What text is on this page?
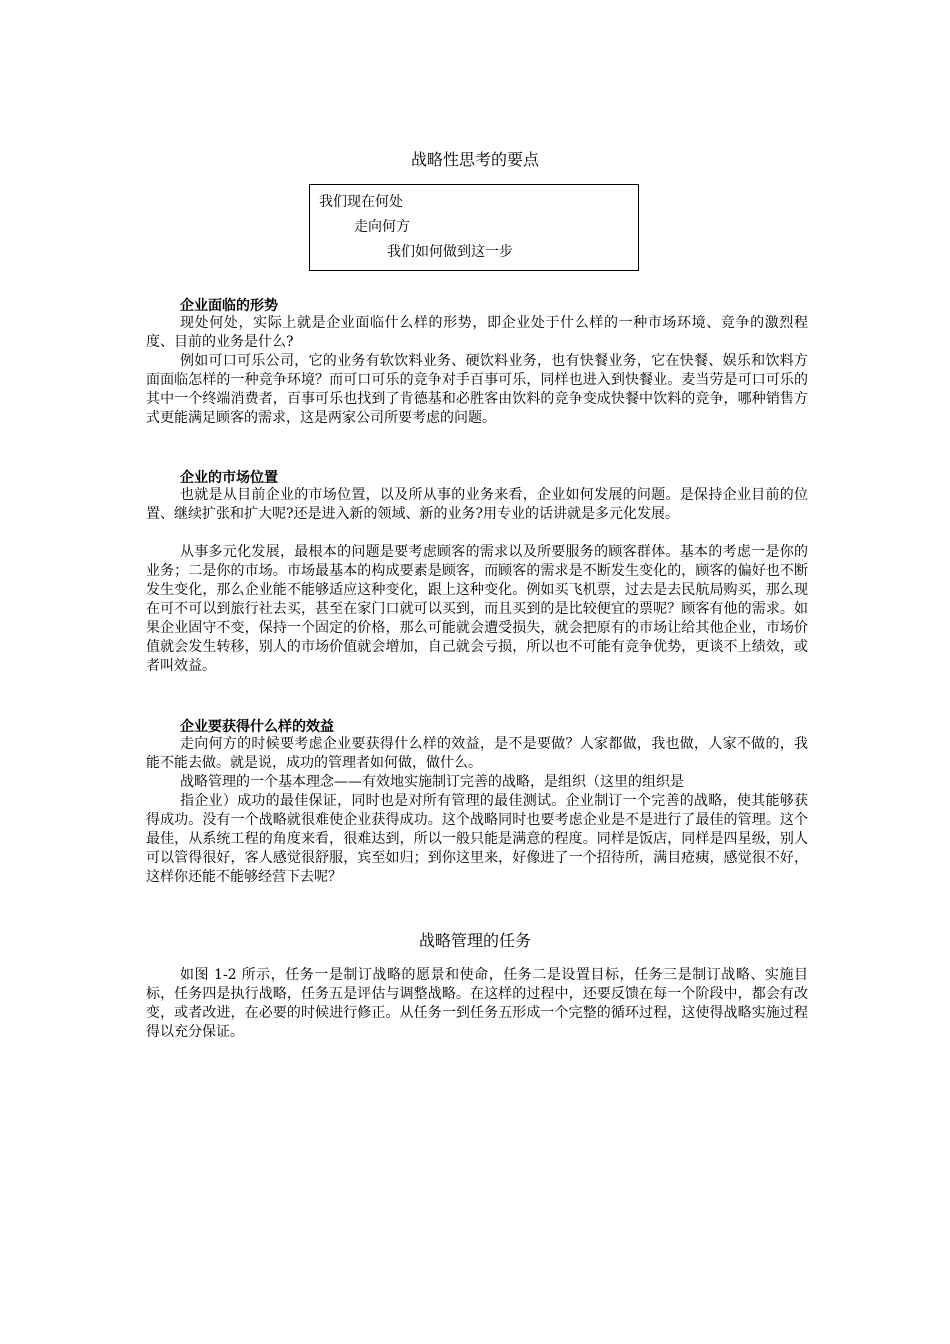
战略性思考的要点
我们现在何处
走向何方
我们如何做到这一步
企业面临的形势

现处何处，实际上就是企业面临什么样的形势，即企业处于什么样的一种市场环境、竞争的激烈程度、目前的业务是什么?

例如可口可乐公司，它的业务有软饮料业务、硬饮料业务，也有快餐业务，它在快餐、娱乐和饮料方面面临怎样的一种竞争环境？而可口可乐的竞争对手百事可乐，同样也进入到快餐业。麦当劳是可口可乐的其中一个终端消费者，百事可乐也找到了肯德基和必胜客由饮料的竞争变成快餐中饮料的竞争，哪种销售方式更能满足顾客的需求，这是两家公司所要考虑的问题。

企业的市场位置

也就是从目前企业的市场位置，以及所从事的业务来看，企业如何发展的问题。是保持企业目前的位置、继续扩张和扩大呢?还是进入新的领域、新的业务?用专业的话讲就是多元化发展。

从事多元化发展，最根本的问题是要考虑顾客的需求以及所要服务的顾客群体。基本的考虑一是你的业务；二是你的市场。市场最基本的构成要素是顾客，而顾客的需求是不断发生变化的，顾客的偏好也不断发生变化，那么企业能不能够适应这种变化，跟上这种变化。例如买飞机票，过去是去民航局购买，那么现在可不可以到旅行社去买，甚至在家门口就可以买到，而且买到的是比较便宜的票呢？顾客有他的需求。如果企业固守不变，保持一个固定的价格，那么可能就会遭受损失，就会把原有的市场让给其他企业，市场价值就会发生转移，别人的市场价值就会增加，自己就会亏损，所以也不可能有竞争优势，更谈不上绩效，或者叫效益。

企业要获得什么样的效益

走向何方的时候要考虑企业要获得什么样的效益，是不是要做？人家都做，我也做，人家不做的，我能不能去做。就是说，成功的管理者如何做，做什么。

战略管理的一个基本理念——有效地实施制订完善的战略，是组织（这里的组织是

指企业）成功的最佳保证，同时也是对所有管理的最佳测试。企业制订一个完善的战略，使其能够获得成功。没有一个战略就很难使企业获得成功。这个战略同时也要考虑企业是不是进行了最佳的管理。这个最佳，从系统工程的角度来看，很难达到，所以一般只能是满意的程度。同样是饭店，同样是四星级，别人可以管得很好，客人感觉很舒服，宾至如归；到你这里来，好像进了一个招待所，满目疮痍，感觉很不好，这样你还能不能够经营下去呢？

战略管理的任务

如图 1-2 所示，任务一是制订战略的愿景和使命，任务二是设置目标，任务三是制订战略、实施目标，任务四是执行战略，任务五是评估与调整战略。在这样的过程中，还要反馈在每一个阶段中，都会有改变，或者改进，在必要的时候进行修正。从任务一到任务五形成一个完整的循环过程，这使得战略实施过程得以充分保证。
